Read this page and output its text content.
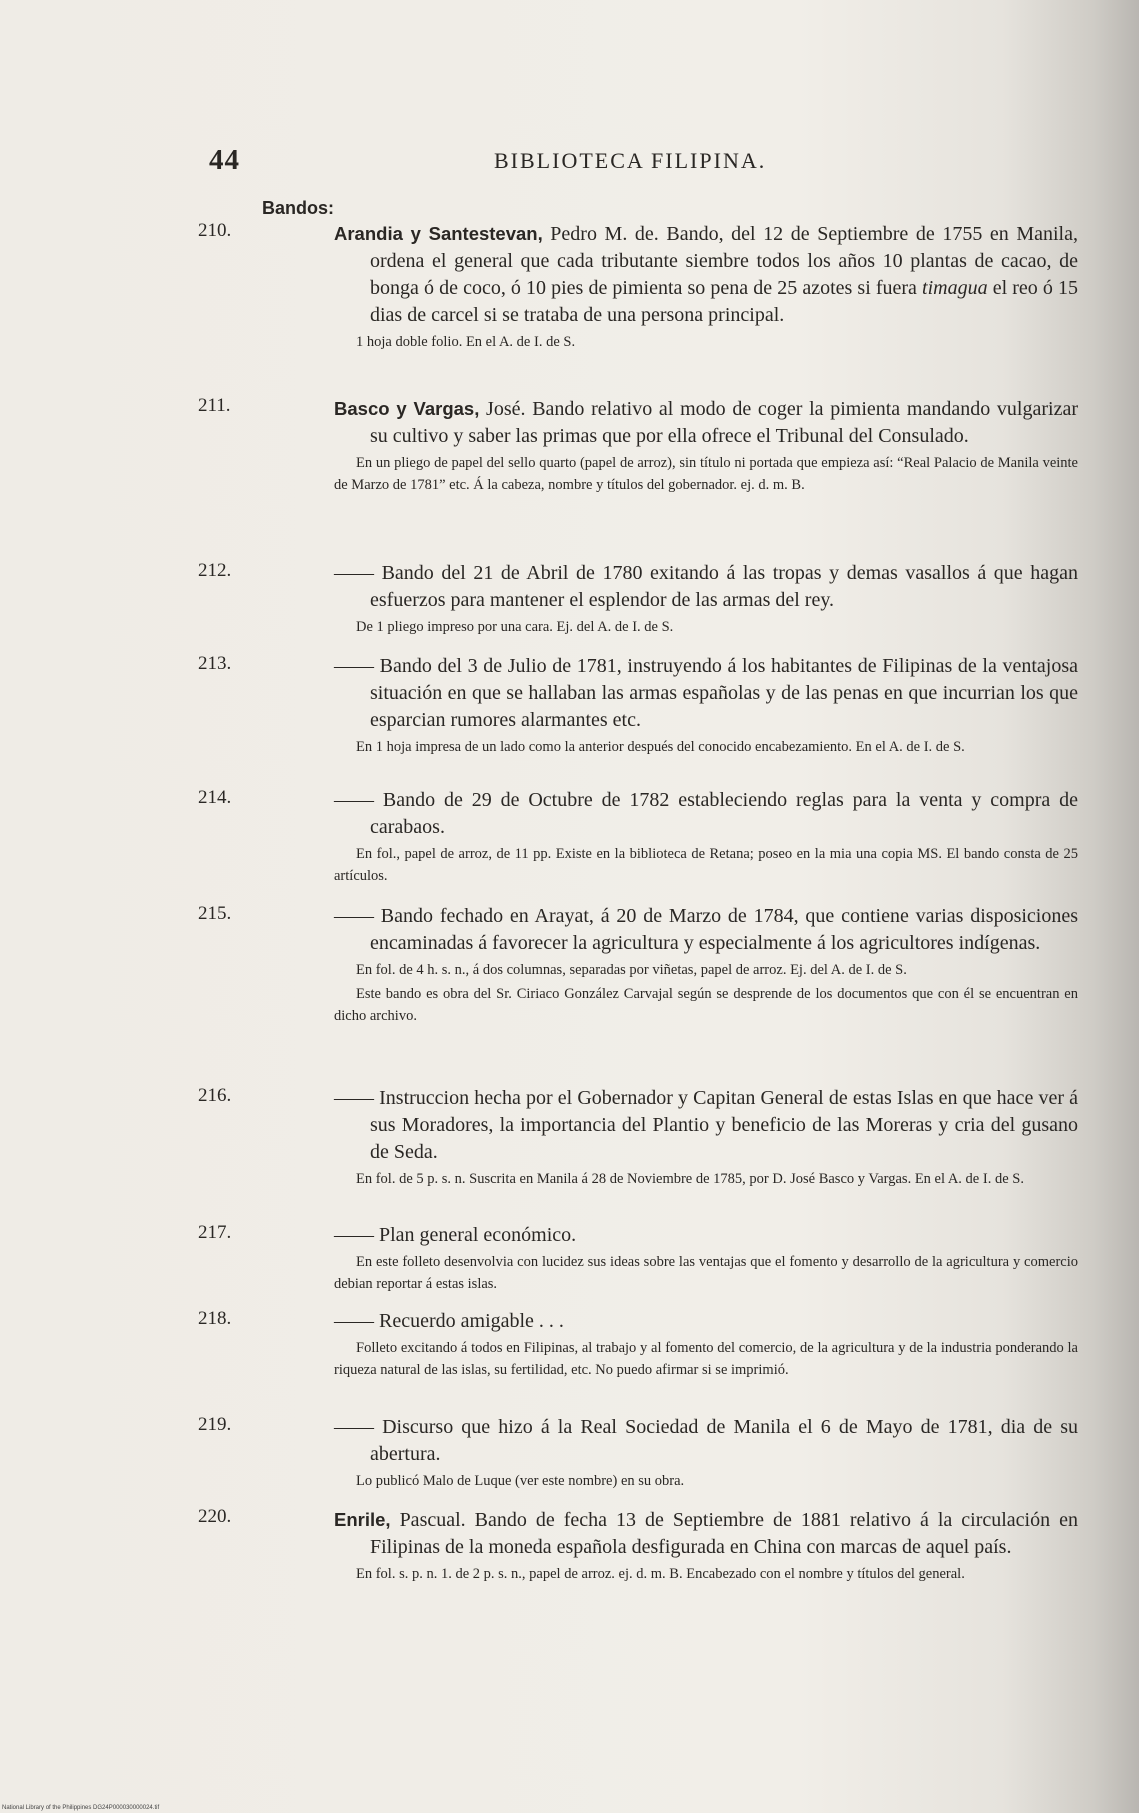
44	BIBLIOTECA FILIPINA.
Bandos:
210.	Arandia y Santestevan, Pedro M. de. Bando, del 12 de Septiembre de 1755 en Manila, ordena el general que cada tributante siembre todos los años 10 plantas de cacao, de bonga ó de coco, ó 10 pies de pimienta so pena de 25 azotes si fuera timagua el reo ó 15 dias de carcel si se trataba de una persona principal.
1 hoja doble folio. En el A. de I. de S.
211.	Basco y Vargas, José. Bando relativo al modo de coger la pimienta mandando vulgarizar su cultivo y saber las primas que por ella ofrece el Tribunal del Consulado.
En un pliego de papel del sello quarto (papel de arroz), sin título ni portada que empieza así: “Real Palacio de Manila veinte de Marzo de 1781” etc. Á la cabeza, nombre y títulos del gobernador. ej. d. m. B.
212.	—— Bando del 21 de Abril de 1780 exitando á las tropas y demas vasallos á que hagan esfuerzos para mantener el esplendor de las armas del rey.
De 1 pliego impreso por una cara. Ej. del A. de I. de S.
213.	—— Bando del 3 de Julio de 1781, instruyendo á los habitantes de Filipinas de la ventajosa situación en que se hallaban las armas españolas y de las penas en que incurrian los que esparcian rumores alarmantes etc.
En 1 hoja impresa de un lado como la anterior después del conocido encabezamiento. En el A. de I. de S.
214.	—— Bando de 29 de Octubre de 1782 estableciendo reglas para la venta y compra de carabaos.
En fol., papel de arroz, de 11 pp. Existe en la biblioteca de Retana; poseo en la mia una copia MS. El bando consta de 25 artículos.
215.	—— Bando fechado en Arayat, á 20 de Marzo de 1784, que contiene varias disposiciones encaminadas á favorecer la agricultura y especialmente á los agricultores indígenas.
En fol. de 4 h. s. n., á dos columnas, separadas por viñetas, papel de arroz. Ej. del A. de I. de S.
Este bando es obra del Sr. Ciriaco González Carvajal según se desprende de los documentos que con él se encuentran en dicho archivo.
216.	—— Instruccion hecha por el Gobernador y Capitan General de estas Islas en que hace ver á sus Moradores, la importancia del Plantio y beneficio de las Moreras y cria del gusano de Seda.
En fol. de 5 p. s. n. Suscrita en Manila á 28 de Noviembre de 1785, por D. José Basco y Vargas. En el A. de I. de S.
217.	—— Plan general económico.
En este folleto desenvolvia con lucidez sus ideas sobre las ventajas que el fomento y desarrollo de la agricultura y comercio debian reportar á estas islas.
218.	—— Recuerdo amigable . . .
Folleto excitando á todos en Filipinas, al trabajo y al fomento del comercio, de la agricultura y de la industria ponderando la riqueza natural de las islas, su fertilidad, etc. No puedo afirmar si se imprimió.
219.	—— Discurso que hizo á la Real Sociedad de Manila el 6 de Mayo de 1781, dia de su abertura.
Lo publicó Malo de Luque (ver este nombre) en su obra.
220.	Enrile, Pascual. Bando de fecha 13 de Septiembre de 1881 relativo á la circulación en Filipinas de la moneda española desfigurada en China con marcas de aquel país.
En fol. s. p. n. 1. de 2 p. s. n., papel de arroz. ej. d. m. B. Encabezado con el nombre y títulos del general.
National Library of the Philippines DG24P000030000024.tif
